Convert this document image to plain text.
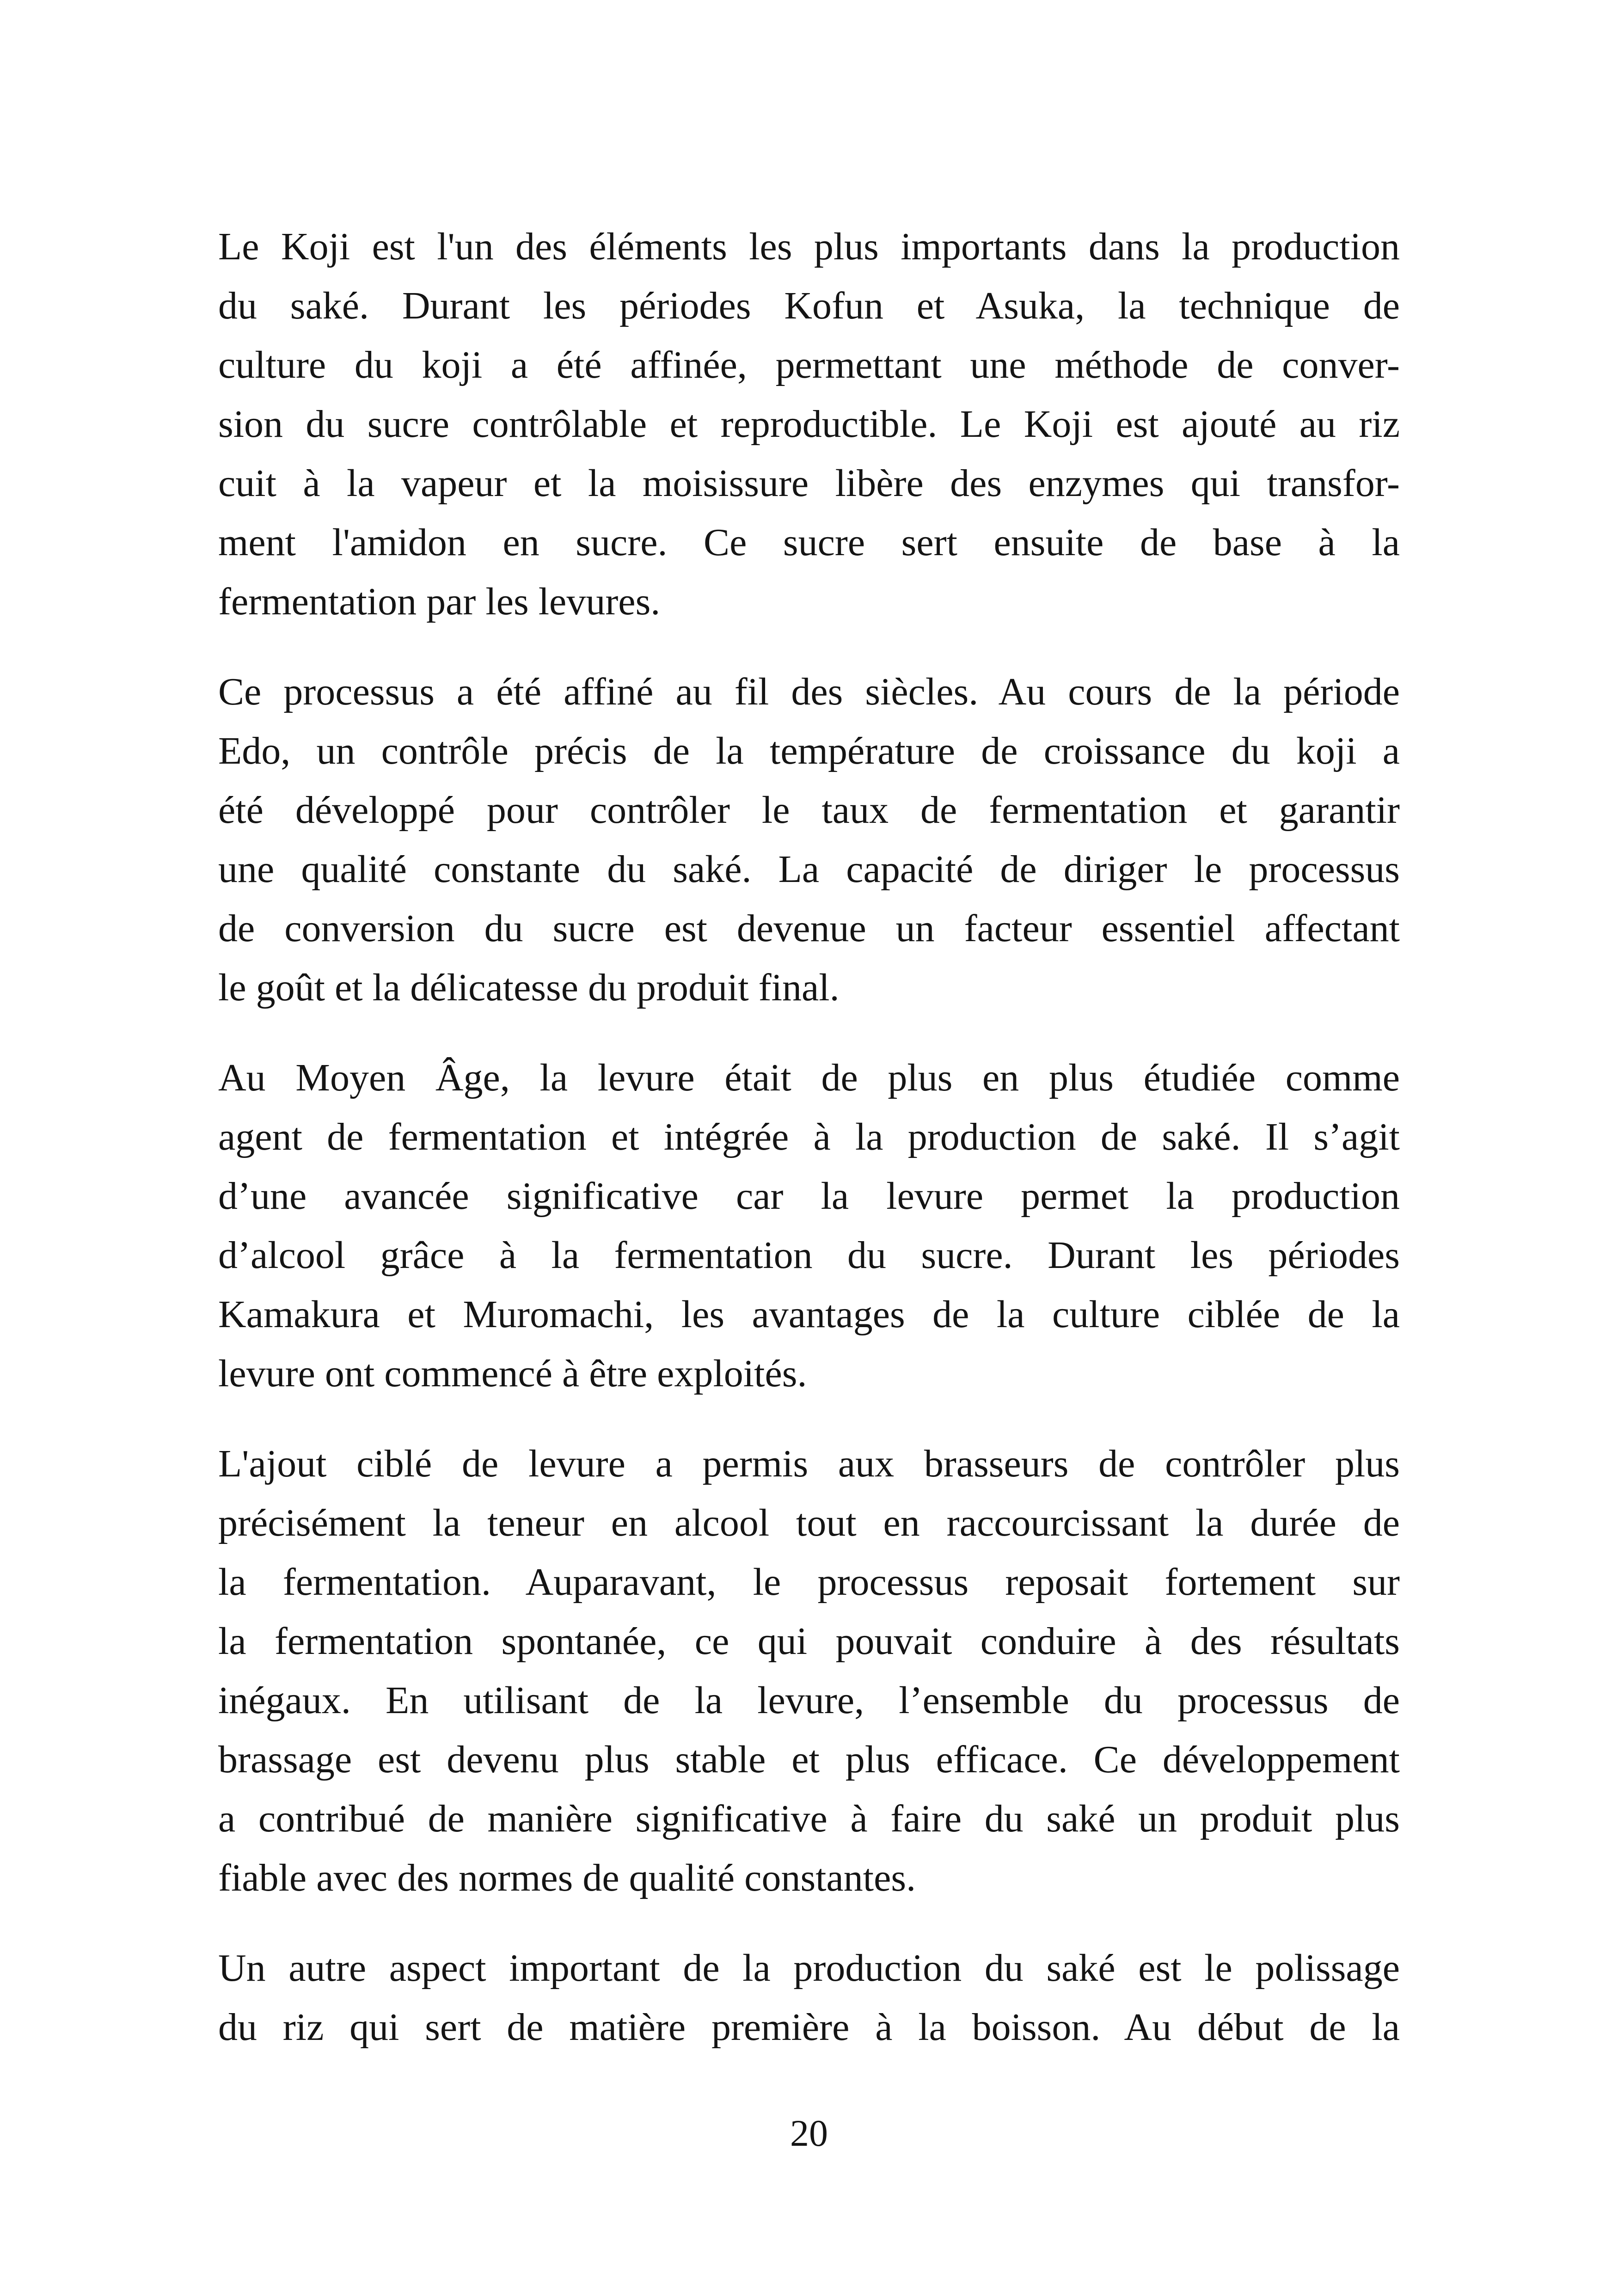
Le Koji est l'un des éléments les plus importants dans la production
du saké. Durant les périodes Kofun et Asuka, la technique de
culture du koji a été affinée, permettant une méthode de conver-
sion du sucre contrôlable et reproductible. Le Koji est ajouté au riz
cuit à la vapeur et la moisissure libère des enzymes qui transfor-
ment l'amidon en sucre. Ce sucre sert ensuite de base à la
fermentation par les levures.
Ce processus a été affiné au fil des siècles. Au cours de la période
Edo, un contrôle précis de la température de croissance du koji a
été développé pour contrôler le taux de fermentation et garantir
une qualité constante du saké. La capacité de diriger le processus
de conversion du sucre est devenue un facteur essentiel affectant
le goût et la délicatesse du produit final.
Au Moyen Âge, la levure était de plus en plus étudiée comme
agent de fermentation et intégrée à la production de saké. Il s’agit
d’une avancée significative car la levure permet la production
d’alcool grâce à la fermentation du sucre. Durant les périodes
Kamakura et Muromachi, les avantages de la culture ciblée de la
levure ont commencé à être exploités.
L'ajout ciblé de levure a permis aux brasseurs de contrôler plus
précisément la teneur en alcool tout en raccourcissant la durée de
la fermentation. Auparavant, le processus reposait fortement sur
la fermentation spontanée, ce qui pouvait conduire à des résultats
inégaux. En utilisant de la levure, l’ensemble du processus de
brassage est devenu plus stable et plus efficace. Ce développement
a contribué de manière significative à faire du saké un produit plus
fiable avec des normes de qualité constantes.
Un autre aspect important de la production du saké est le polissage
du riz qui sert de matière première à la boisson. Au début de la
20
